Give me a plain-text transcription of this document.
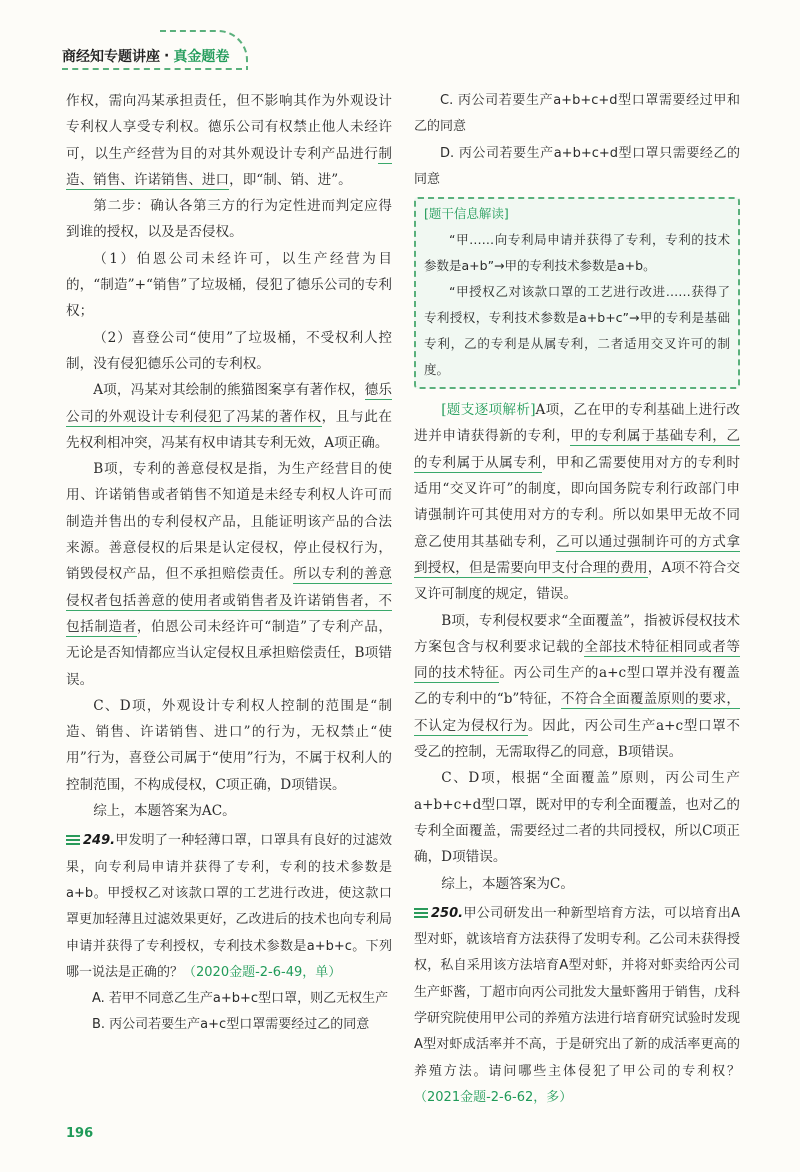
商经知专题讲座 · 真金题卷

作权，需向冯某承担责任，但不影响其作为外观设计专利权人享受专利权。德乐公司有权禁止他人未经许可，以生产经营为目的对其外观设计专利产品进行制造、销售、许诺销售、进口，即“制、销、进”。

第二步：确认各第三方的行为定性进而判定应得到谁的授权，以及是否侵权。

（1）伯恩公司未经许可，以生产经营为目的，“制造”+“销售”了垃圾桶，侵犯了德乐公司的专利权；

（2）喜登公司“使用”了垃圾桶，不受权利人控制，没有侵犯德乐公司的专利权。

A项，冯某对其绘制的熊猫图案享有著作权，德乐公司的外观设计专利侵犯了冯某的著作权，且与此在先权利相冲突，冯某有权申请其专利无效，A项正确。

B项，专利的善意侵权是指，为生产经营目的使用、许诺销售或者销售不知道是未经专利权人许可而制造并售出的专利侵权产品，且能证明该产品的合法来源。善意侵权的后果是认定侵权，停止侵权行为，销毁侵权产品，但不承担赔偿责任。所以专利的善意侵权者包括善意的使用者或销售者及许诺销售者，不包括制造者，伯恩公司未经许可“制造”了专利产品，无论是否知情都应当认定侵权且承担赔偿责任，B项错误。

C、D项，外观设计专利权人控制的范围是“制造、销售、许诺销售、进口”的行为，无权禁止“使用”行为，喜登公司属于“使用”行为，不属于权利人的控制范围，不构成侵权，C项正确，D项错误。

综上，本题答案为AC。

249.甲发明了一种轻薄口罩，口罩具有良好的过滤效果，向专利局申请并获得了专利，专利的技术参数是a+b。甲授权乙对该款口罩的工艺进行改进，使这款口罩更加轻薄且过滤效果更好，乙改进后的技术也向专利局申请并获得了专利授权，专利技术参数是a+b+c。下列哪一说法是正确的？（2020金题-2-6-49，单）

A. 若甲不同意乙生产a+b+c型口罩，则乙无权生产

B. 丙公司若要生产a+c型口罩需要经过乙的同意

C. 丙公司若要生产a+b+c+d型口罩需要经过甲和乙的同意

D. 丙公司若要生产a+b+c+d型口罩只需要经乙的同意

[题干信息解读]

“甲……向专利局申请并获得了专利，专利的技术参数是a+b”→甲的专利技术参数是a+b。

“甲授权乙对该款口罩的工艺进行改进……获得了专利授权，专利技术参数是a+b+c”→甲的专利是基础专利，乙的专利是从属专利，二者适用交叉许可的制度。

[题支逐项解析]A项，乙在甲的专利基础上进行改进并申请获得新的专利，甲的专利属于基础专利，乙的专利属于从属专利，甲和乙需要使用对方的专利时适用“交叉许可”的制度，即向国务院专利行政部门申请强制许可其使用对方的专利。所以如果甲无故不同意乙使用其基础专利，乙可以通过强制许可的方式拿到授权，但是需要向甲支付合理的费用，A项不符合交叉许可制度的规定，错误。

B项，专利侵权要求“全面覆盖”，指被诉侵权技术方案包含与权利要求记载的全部技术特征相同或者等同的技术特征。丙公司生产的a+c型口罩并没有覆盖乙的专利中的“b”特征，不符合全面覆盖原则的要求，不认定为侵权行为。因此，丙公司生产a+c型口罩不受乙的控制，无需取得乙的同意，B项错误。

C、D项，根据“全面覆盖”原则，丙公司生产a+b+c+d型口罩，既对甲的专利全面覆盖，也对乙的专利全面覆盖，需要经过二者的共同授权，所以C项正确，D项错误。

综上，本题答案为C。

250.甲公司研发出一种新型培育方法，可以培育出A型对虾，就该培育方法获得了发明专利。乙公司未获得授权，私自采用该方法培育A型对虾，并将对虾卖给丙公司生产虾酱，丁超市向丙公司批发大量虾酱用于销售，戊科学研究院使用甲公司的养殖方法进行培育研究试验时发现A型对虾成活率并不高，于是研究出了新的成活率更高的养殖方法。请问哪些主体侵犯了甲公司的专利权？（2021金题-2-6-62，多）
196
